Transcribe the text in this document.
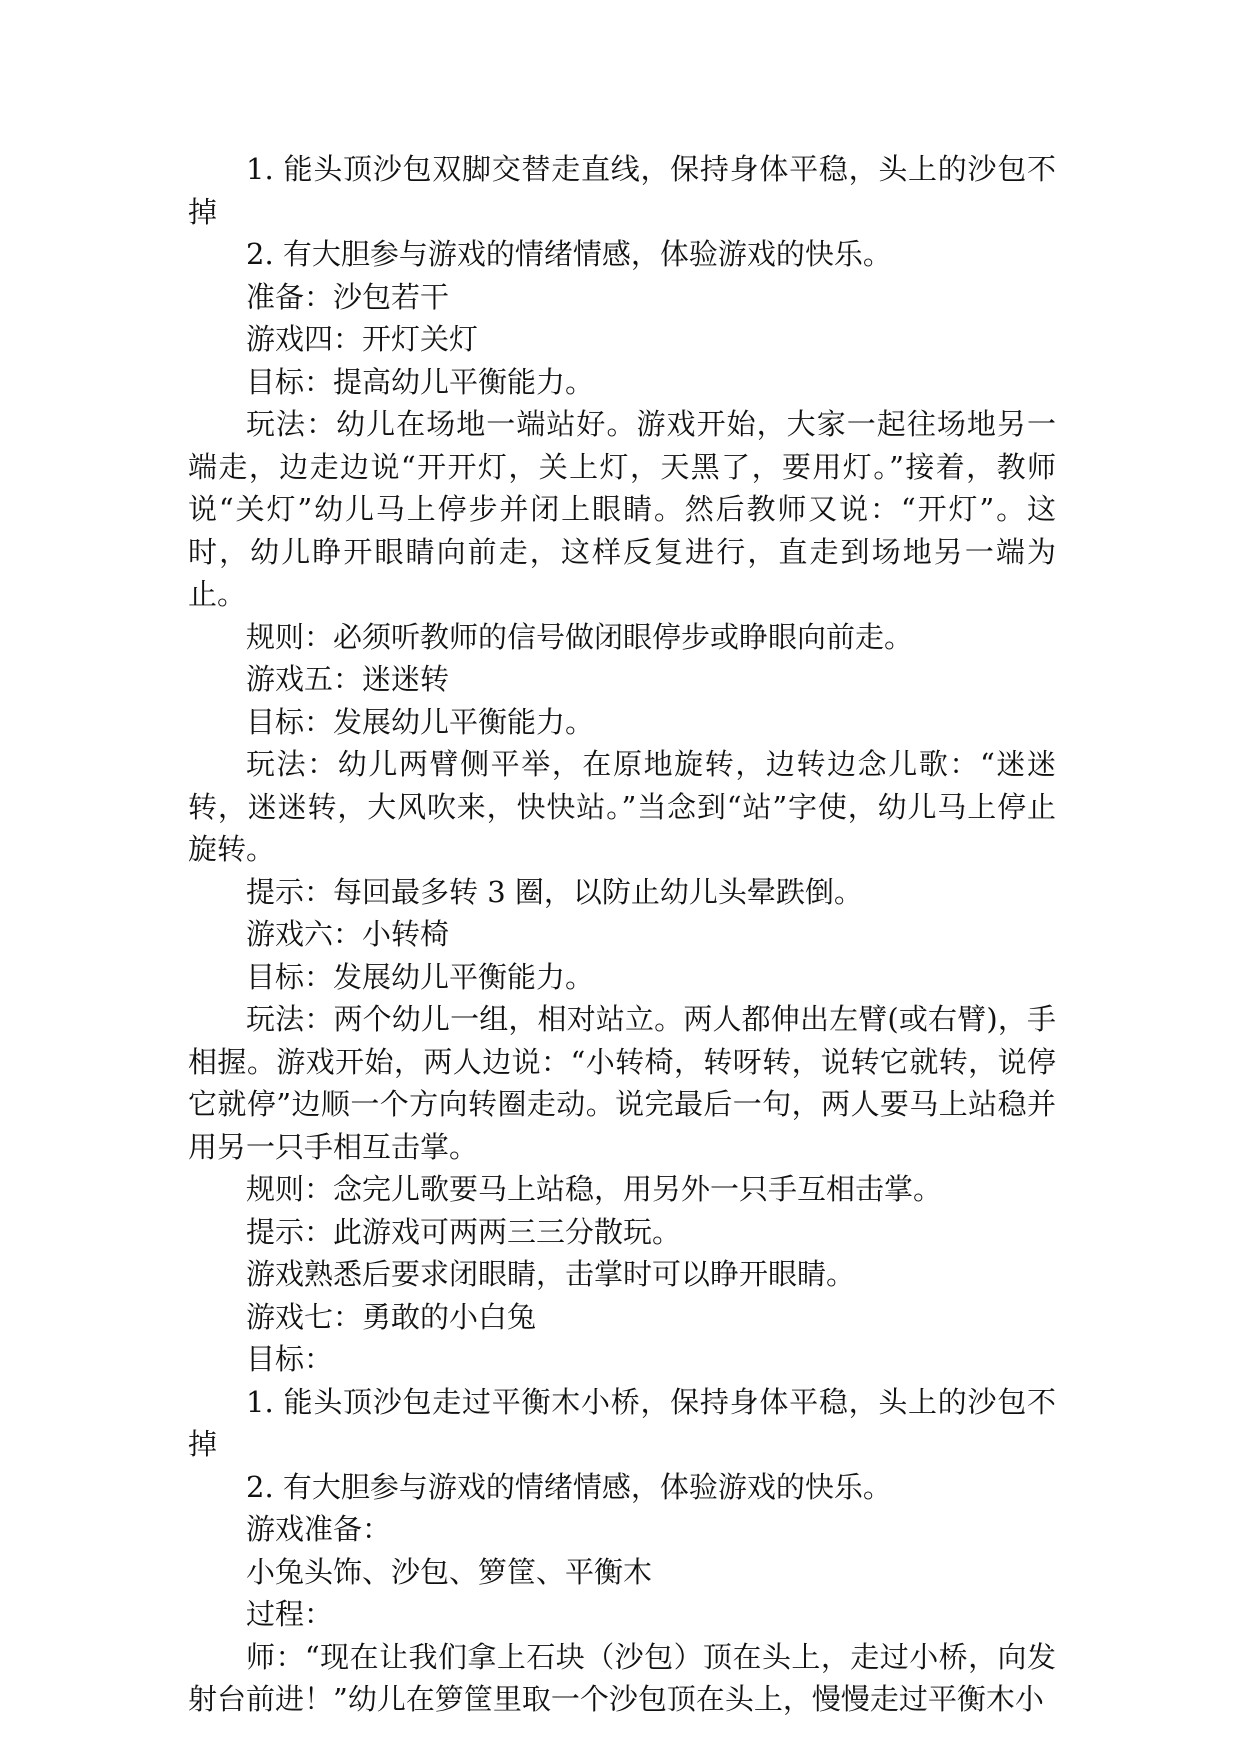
1. 能头顶沙包双脚交替走直线，保持身体平稳，头上的沙包不掉

2. 有大胆参与游戏的情绪情感，体验游戏的快乐。

准备：沙包若干

游戏四：开灯关灯

目标：提高幼儿平衡能力。

玩法：幼儿在场地一端站好。游戏开始，大家一起往场地另一端走，边走边说“开开灯，关上灯，天黑了，要用灯。”接着，教师说“关灯”幼儿马上停步并闭上眼睛。然后教师又说：“开灯”。这时，幼儿睁开眼睛向前走，这样反复进行，直走到场地另一端为止。

规则：必须听教师的信号做闭眼停步或睁眼向前走。

游戏五：迷迷转

目标：发展幼儿平衡能力。

玩法：幼儿两臂侧平举，在原地旋转，边转边念儿歌：“迷迷转，迷迷转，大风吹来，快快站。”当念到“站”字使，幼儿马上停止旋转。

提示：每回最多转 3 圈，以防止幼儿头晕跌倒。

游戏六：小转椅

目标：发展幼儿平衡能力。

玩法：两个幼儿一组，相对站立。两人都伸出左臂(或右臂)，手相握。游戏开始，两人边说：“小转椅，转呀转，说转它就转，说停它就停”边顺一个方向转圈走动。说完最后一句，两人要马上站稳并用另一只手相互击掌。

规则：念完儿歌要马上站稳，用另外一只手互相击掌。

提示：此游戏可两两三三分散玩。

游戏熟悉后要求闭眼睛，击掌时可以睁开眼睛。

游戏七：勇敢的小白兔

目标：

1. 能头顶沙包走过平衡木小桥，保持身体平稳，头上的沙包不掉

2. 有大胆参与游戏的情绪情感，体验游戏的快乐。

游戏准备：

小兔头饰、沙包、箩筐、平衡木

过程：

师：“现在让我们拿上石块（沙包）顶在头上，走过小桥，向发射台前进！”幼儿在箩筐里取一个沙包顶在头上，慢慢走过平衡木小
